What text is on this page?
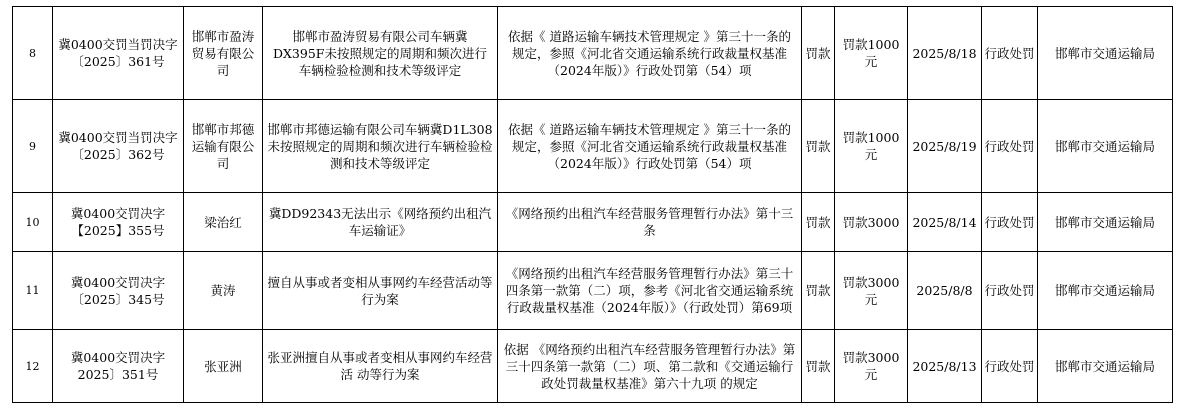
8	冀0400交罚当罚决字〔2025〕361号	邯郸市盈涛贸易有限公司	邯郸市盈涛贸易有限公司车辆冀DX395F未按照规定的周期和频次进行车辆检验检测和技术等级评定	依据《 道路运输车辆技术管理规定 》第三十一条的规定，参照《河北省交通运输系统行政裁量权基准（2024年版）》行政处罚第（54）项	罚款	罚款1000元	2025/8/18	行政处罚	邯郸市交通运输局
9	冀0400交罚当罚决字〔2025〕362号	邯郸市邦德运输有限公司	邯郸市邦德运输有限公司车辆冀D1L308未按照规定的周期和频次进行车辆检验检测和技术等级评定	依据《 道路运输车辆技术管理规定 》第三十一条的规定，参照《河北省交通运输系统行政裁量权基准（2024年版）》行政处罚第（54）项	罚款	罚款1000元	2025/8/19	行政处罚	邯郸市交通运输局
10	冀0400交罚决字【2025】355号	梁治红	冀DD92343无法出示《网络预约出租汽车运输证》	《网络预约出租汽车经营服务管理暂行办法》第十三条	罚款	罚款3000	2025/8/14	行政处罚	邯郸市交通运输局
11	冀0400交罚决字〔2025〕345号	黄涛	擅自从事或者变相从事网约车经营活动等行为案	《网络预约出租汽车经营服务管理暂行办法》第三十四条第一款第（二）项，参考《河北省交通运输系统行政裁量权基准（2024年版）》（行政处罚）第69项	罚款	罚款3000元	2025/8/8	行政处罚	邯郸市交通运输局
12	冀0400交罚决字2025〕351号	张亚洲	张亚洲擅自从事或者变相从事网约车经营活 动等行为案	依据 《网络预约出租汽车经营服务管理暂行办法》第三十四条第一款第（二）项、第二款和《交通运输行政处罚裁量权基准》第六十九项 的规定	罚款	罚款3000元	2025/8/13	行政处罚	邯郸市交通运输局
